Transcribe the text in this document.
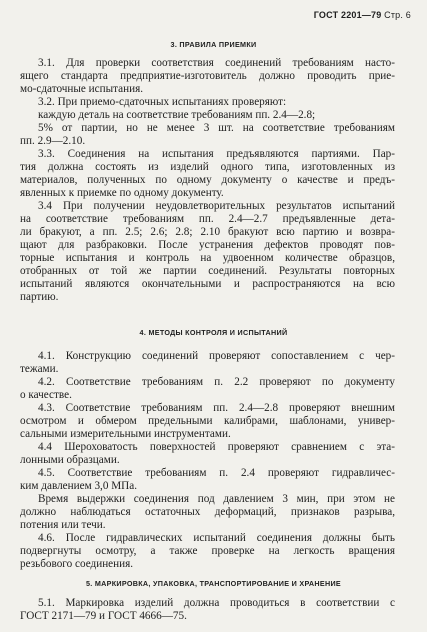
ГОСТ 2201—79 Стр. 6
3. ПРАВИЛА ПРИЕМКИ
3.1. Для проверки соответствия соединений требованиям насто-
ящего стандарта предприятие-изготовитель должно проводить прие-
мо-сдаточные испытания.
3.2. При приемо-сдаточных испытаниях проверяют:
каждую деталь на соответствие требованиям пп. 2.4—2.8;
5% от партии, но не менее 3 шт. на соответствие требованиям
пп. 2.9—2.10.
3.3. Соединения на испытания предъявляются партиями. Пар-
тия должна состоять из изделий одного типа, изготовленных из
материалов, полученных по одному документу о качестве и предъ-
явленных к приемке по одному документу.
3.4 При получении неудовлетворительных результатов испытаний
на соответствие требованиям пп. 2.4—2.7 предъявленные дета-
ли бракуют, а пп. 2.5; 2.6; 2.8; 2.10 бракуют всю партию и возвра-
щают для разбраковки. После устранения дефектов проводят пов-
торные испытания и контроль на удвоенном количестве образцов,
отобранных от той же партии соединений. Результаты повторных
испытаний являются окончательными и распространяются на всю
партию.
4. МЕТОДЫ КОНТРОЛЯ И ИСПЫТАНИЙ
4.1. Конструкцию соединений проверяют сопоставлением с чер-
тежами.
4.2. Соответствие требованиям п. 2.2 проверяют по документу
о качестве.
4.3. Соответствие требованиям пп. 2.4—2.8 проверяют внешним
осмотром и обмером предельными калибрами, шаблонами, универ-
сальными измерительными инструментами.
4.4 Шероховатость поверхностей проверяют сравнением с эта-
лонными образцами.
4.5. Соответствие требованиям п. 2.4 проверяют гидравличес-
ким давлением 3,0 МПа.
Время выдержки соединения под давлением 3 мин, при этом не
должно наблюдаться остаточных деформаций, признаков разрыва,
потения или течи.
4.6. После гидравлических испытаний соединения должны быть
подвергнуты осмотру, а также проверке на легкость вращения
резьбового соединения.
5. МАРКИРОВКА, УПАКОВКА, ТРАНСПОРТИРОВАНИЕ И ХРАНЕНИЕ
5.1. Маркировка изделий должна проводиться в соответствии с
ГОСТ 2171—79 и ГОСТ 4666—75.
